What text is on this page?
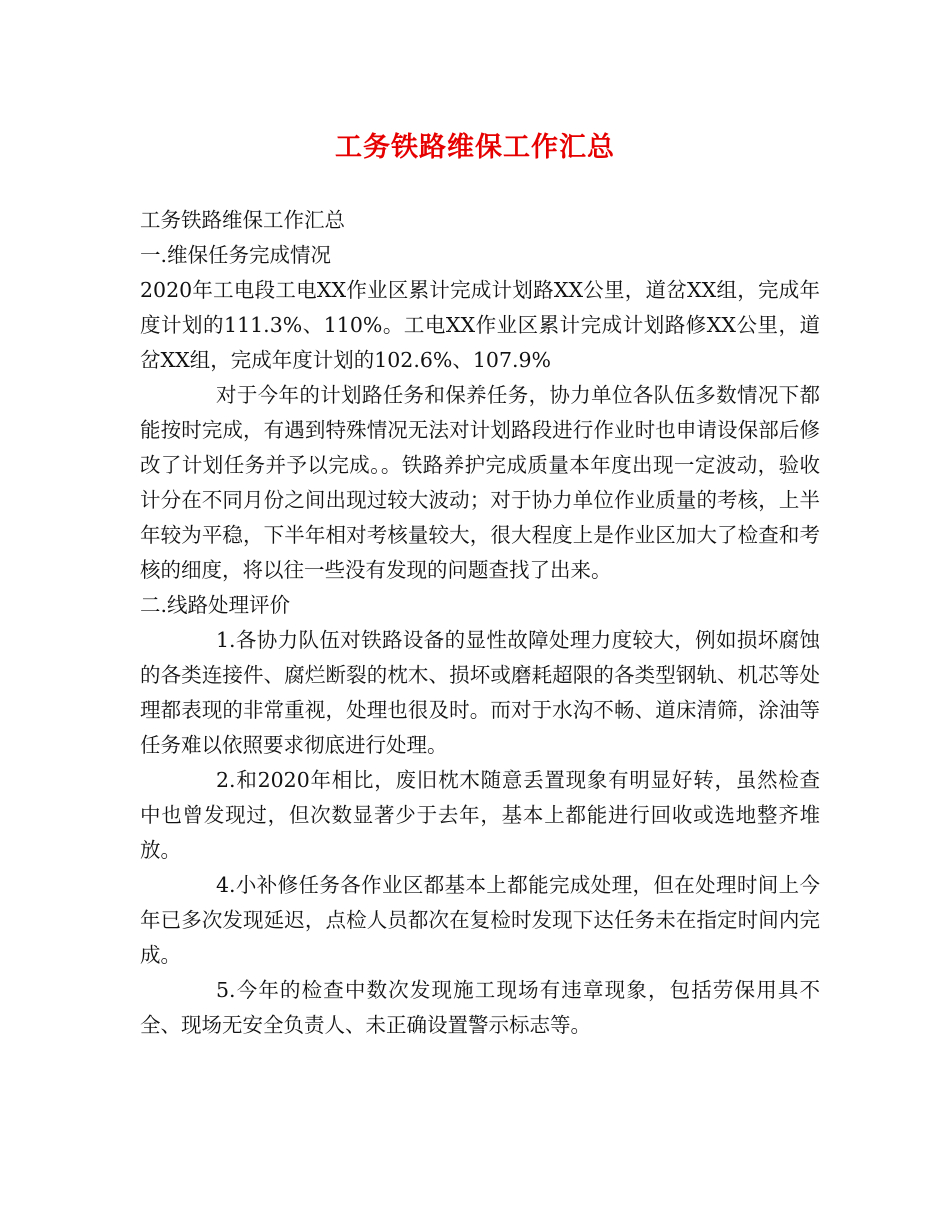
工务铁路维保工作汇总

工务铁路维保工作汇总

一.维保任务完成情况

2020年工电段工电XX作业区累计完成计划路XX公里，道岔XX组，完成年度计划的111.3%、110%。工电XX作业区累计完成计划路修XX公里，道岔XX组，完成年度计划的102.6%、107.9%

对于今年的计划路任务和保养任务，协力单位各队伍多数情况下都能按时完成，有遇到特殊情况无法对计划路段进行作业时也申请设保部后修改了计划任务并予以完成。。铁路养护完成质量本年度出现一定波动，验收计分在不同月份之间出现过较大波动；对于协力单位作业质量的考核，上半年较为平稳，下半年相对考核量较大，很大程度上是作业区加大了检查和考核的细度，将以往一些没有发现的问题查找了出来。

二.线路处理评价

1.各协力队伍对铁路设备的显性故障处理力度较大，例如损坏腐蚀的各类连接件、腐烂断裂的枕木、损坏或磨耗超限的各类型钢轨、机芯等处理都表现的非常重视，处理也很及时。而对于水沟不畅、道床清筛，涂油等任务难以依照要求彻底进行处理。

2.和2020年相比，废旧枕木随意丢置现象有明显好转，虽然检查中也曾发现过，但次数显著少于去年，基本上都能进行回收或选地整齐堆放。

4.小补修任务各作业区都基本上都能完成处理，但在处理时间上今年已多次发现延迟，点检人员都次在复检时发现下达任务未在指定时间内完成。

5.今年的检查中数次发现施工现场有违章现象，包括劳保用具不全、现场无安全负责人、未正确设置警示标志等。
